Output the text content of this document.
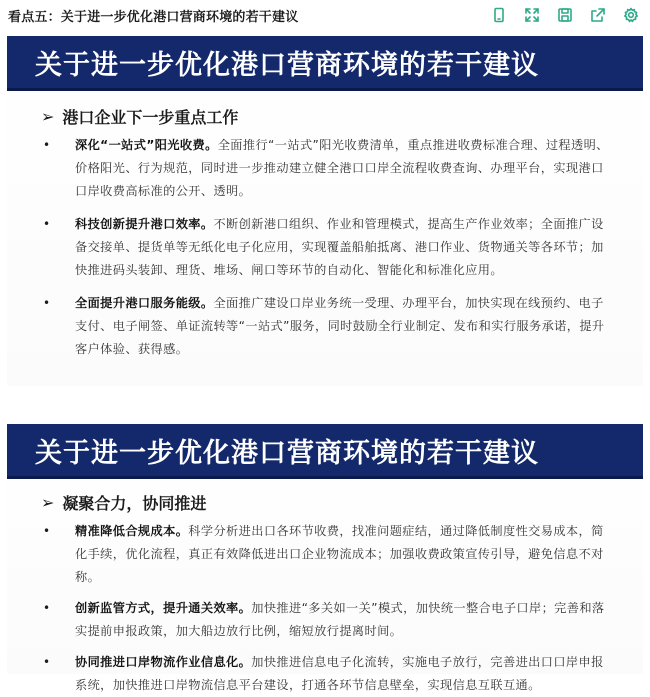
看点五：关于进一步优化港口营商环境的若干建议
关于进一步优化港口营商环境的若干建议
➢ 港口企业下一步重点工作
•	深化“一站式”阳光收费。全面推行“一站式”阳光收费清单，重点推进收费标准合理、过程透明、价格阳光、行为规范，同时进一步推动建立健全港口口岸全流程收费查询、办理平台，实现港口口岸收费高标准的公开、透明。

•	科技创新提升港口效率。不断创新港口组织、作业和管理模式，提高生产作业效率；全面推广设备交接单、提货单等无纸化电子化应用，实现覆盖船舶抵离、港口作业、货物通关等各环节；加快推进码头装卸、理货、堆场、闸口等环节的自动化、智能化和标准化应用。

•	全面提升港口服务能级。全面推广建设口岸业务统一受理、办理平台，加快实现在线预约、电子支付、电子闸签、单证流转等“一站式”服务，同时鼓励全行业制定、发布和实行服务承诺，提升客户体验、获得感。

关于进一步优化港口营商环境的若干建议
➢ 凝聚合力，协同推进
•	精准降低合规成本。科学分析进出口各环节收费，找准问题症结，通过降低制度性交易成本，简化手续，优化流程，真正有效降低进出口企业物流成本；加强收费政策宣传引导，避免信息不对称。

•	创新监管方式，提升通关效率。加快推进“多关如一关”模式，加快统一整合电子口岸；完善和落实提前申报政策，加大船边放行比例，缩短放行提离时间。

•	协同推进口岸物流作业信息化。加快推进信息电子化流转，实施电子放行，完善进出口口岸申报系统，加快推进口岸物流信息平台建设，打通各环节信息壁垒，实现信息互联互通。
